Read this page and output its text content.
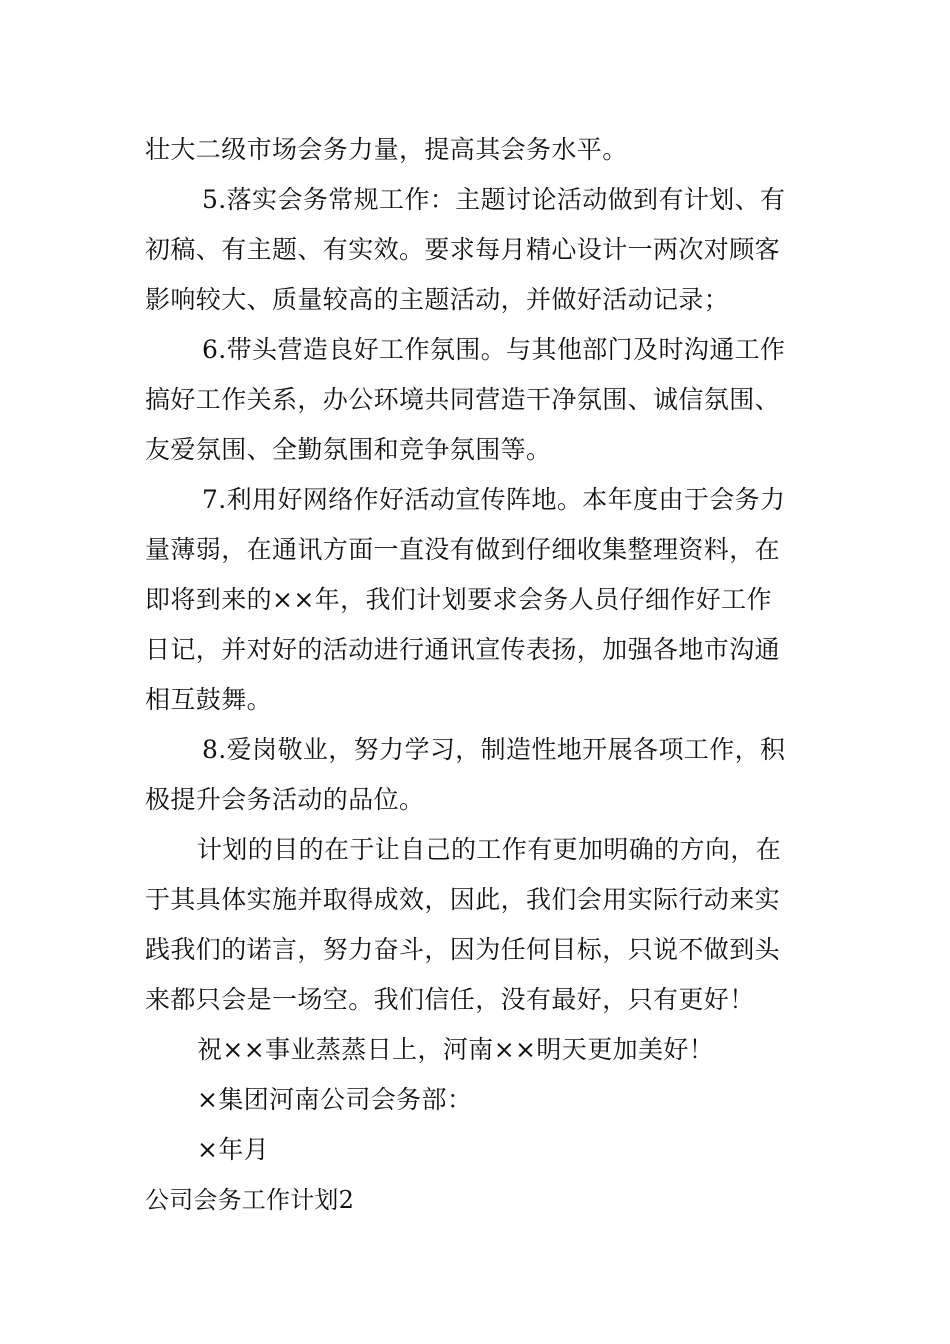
壮大二级市场会务力量，提高其会务水平。
5.落实会务常规工作：主题讨论活动做到有计划、有
初稿、有主题、有实效。要求每月精心设计一两次对顾客
影响较大、质量较高的主题活动，并做好活动记录；
6.带头营造良好工作氛围。与其他部门及时沟通工作
搞好工作关系，办公环境共同营造干净氛围、诚信氛围、
友爱氛围、全勤氛围和竞争氛围等。
7.利用好网络作好活动宣传阵地。本年度由于会务力
量薄弱，在通讯方面一直没有做到仔细收集整理资料，在
即将到来的××年，我们计划要求会务人员仔细作好工作
日记，并对好的活动进行通讯宣传表扬，加强各地市沟通
相互鼓舞。
8.爱岗敬业，努力学习，制造性地开展各项工作，积
极提升会务活动的品位。
计划的目的在于让自己的工作有更加明确的方向，在
于其具体实施并取得成效，因此，我们会用实际行动来实
践我们的诺言，努力奋斗，因为任何目标，只说不做到头
来都只会是一场空。我们信任，没有最好，只有更好！
祝××事业蒸蒸日上，河南××明天更加美好！
×集团河南公司会务部：
×年月
公司会务工作计划2
